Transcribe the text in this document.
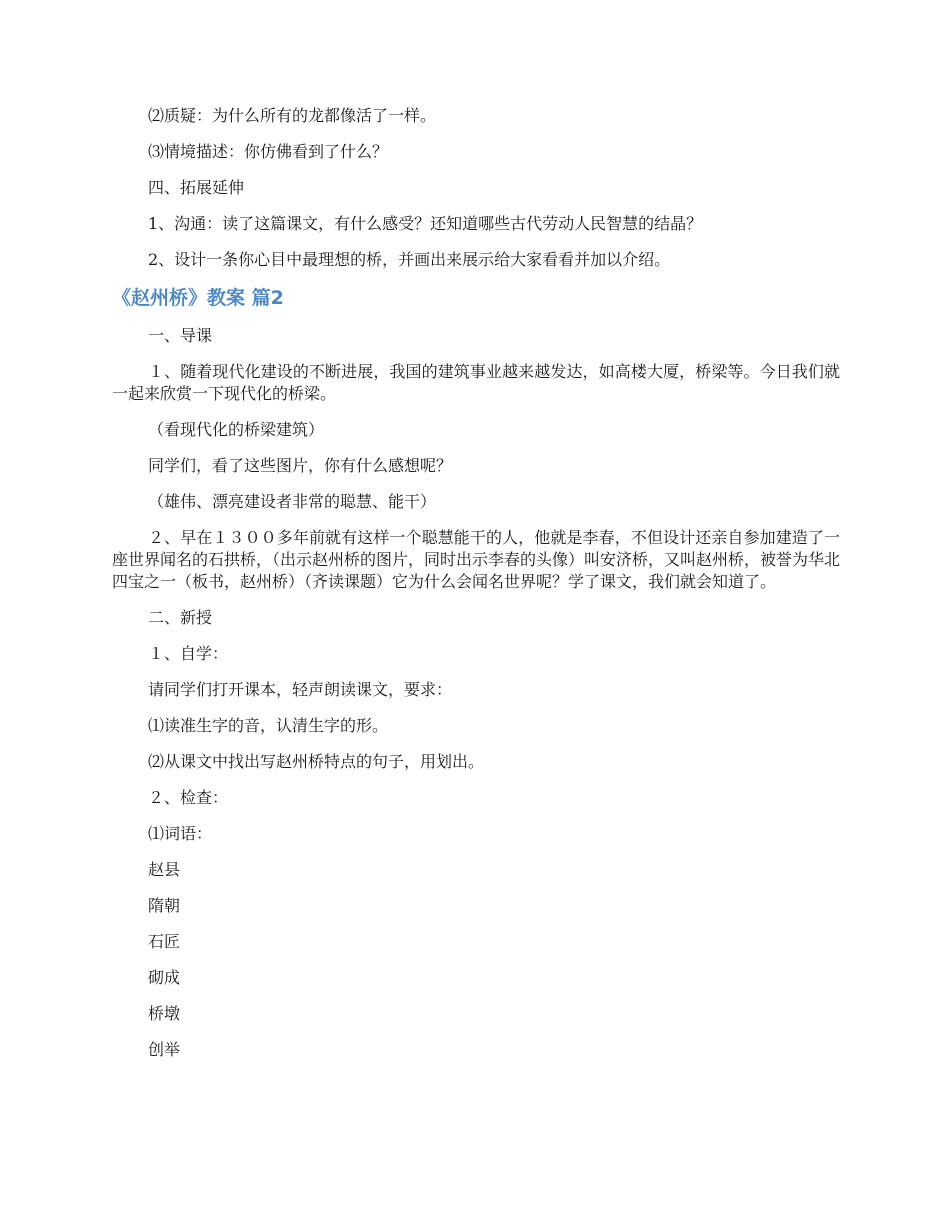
⑵质疑：为什么所有的龙都像活了一样。

⑶情境描述：你仿佛看到了什么？

四、拓展延伸

1、沟通：读了这篇课文，有什么感受？还知道哪些古代劳动人民智慧的结晶？

2、设计一条你心目中最理想的桥，并画出来展示给大家看看并加以介绍。

《赵州桥》教案 篇2

一、导课

１、随着现代化建设的不断进展，我国的建筑事业越来越发达，如高楼大厦，桥梁等。今日我们就一起来欣赏一下现代化的桥梁。

（看现代化的桥梁建筑）

同学们，看了这些图片，你有什么感想呢？

（雄伟、漂亮建设者非常的聪慧、能干）

２、早在１３００多年前就有这样一个聪慧能干的人，他就是李春，不但设计还亲自参加建造了一座世界闻名的石拱桥，（出示赵州桥的图片，同时出示李春的头像）叫安济桥，又叫赵州桥，被誉为华北四宝之一（板书，赵州桥）（齐读课题）它为什么会闻名世界呢？学了课文，我们就会知道了。

二、新授

１、自学：

请同学们打开课本，轻声朗读课文，要求：

⑴读准生字的音，认清生字的形。

⑵从课文中找出写赵州桥特点的句子，用划出。

２、检查：

⑴词语：

赵县

隋朝

石匠

砌成

桥墩

创举
